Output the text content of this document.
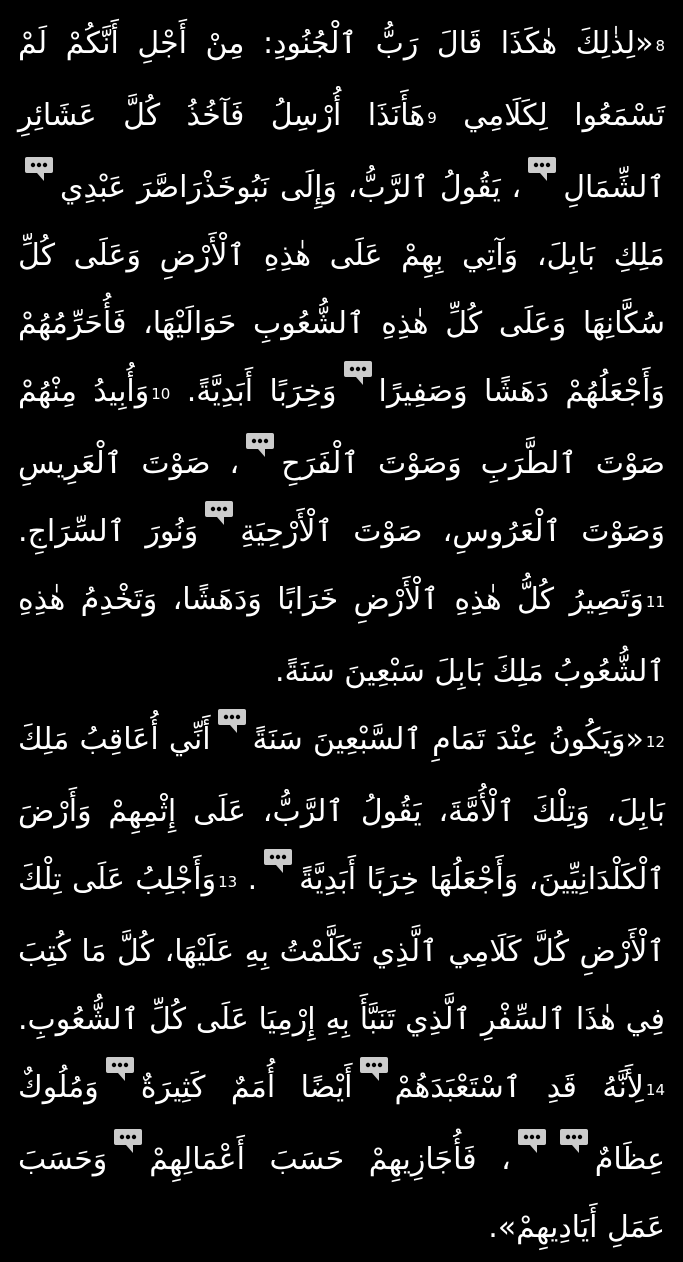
8«لِذٰلِكَ هٰكَذَا قَالَ رَبُّ ٱلْجُنُودِ: مِنْ أَجْلِ أَنَّكُمْ لَمْ تَسْمَعُوا لِكَلَامِي 9هَأَنَذَا أُرْسِلُ فَآخُذُ كُلَّ عَشَائِرِ ٱلشِّمَالِ
، يَقُولُ ٱلرَّبُّ، وَإِلَى نَبُوخَذْرَاصَّرَ عَبْدِي
مَلِكِ بَابِلَ، وَآتِي بِهِمْ عَلَى هٰذِهِ ٱلْأَرْضِ وَعَلَى كُلِّ سُكَّانِهَا وَعَلَى كُلِّ هٰذِهِ ٱلشُّعُوبِ حَوَالَيْهَا، فَأُحَرِّمُهُمْ وَأَجْعَلُهُمْ دَهَشًا وَصَفِيرًا
وَخِرَبًا أَبَدِيَّةً. 10وَأُبِيدُ مِنْهُمْ صَوْتَ ٱلطَّرَبِ وَصَوْتَ ٱلْفَرَحِ
، صَوْتَ ٱلْعَرِيسِ وَصَوْتَ ٱلْعَرُوسِ، صَوْتَ ٱلْأَرْحِيَةِ
وَنُورَ ٱلسِّرَاجِ. 11وَتَصِيرُ كُلُّ هٰذِهِ ٱلْأَرْضِ خَرَابًا وَدَهَشًا، وَتَخْدِمُ هٰذِهِ ٱلشُّعُوبُ مَلِكَ بَابِلَ سَبْعِينَ سَنَةً.

12«وَيَكُونُ عِنْدَ تَمَامِ ٱلسَّبْعِينَ سَنَةً
أَنِّي أُعَاقِبُ مَلِكَ بَابِلَ، وَتِلْكَ ٱلْأُمَّةَ، يَقُولُ ٱلرَّبُّ، عَلَى إِثْمِهِمْ وَأَرْضَ ٱلْكَلْدَانِيِّينَ، وَأَجْعَلُهَا خِرَبًا أَبَدِيَّةً
. 13وَأَجْلِبُ عَلَى تِلْكَ ٱلْأَرْضِ كُلَّ كَلَامِي ٱلَّذِي تَكَلَّمْتُ بِهِ عَلَيْهَا، كُلَّ مَا كُتِبَ فِي هٰذَا ٱلسِّفْرِ ٱلَّذِي تَنَبَّأَ بِهِ إِرْمِيَا عَلَى كُلِّ ٱلشُّعُوبِ. 14لِأَنَّهُ قَدِ ٱسْتَعْبَدَهُمْ
أَيْضًا أُمَمٌ كَثِيرَةٌ
وَمُلُوكٌ عِظَامٌ
، فَأُجَازِيهِمْ حَسَبَ أَعْمَالِهِمْ
وَحَسَبَ عَمَلِ أَيَادِيهِمْ».
